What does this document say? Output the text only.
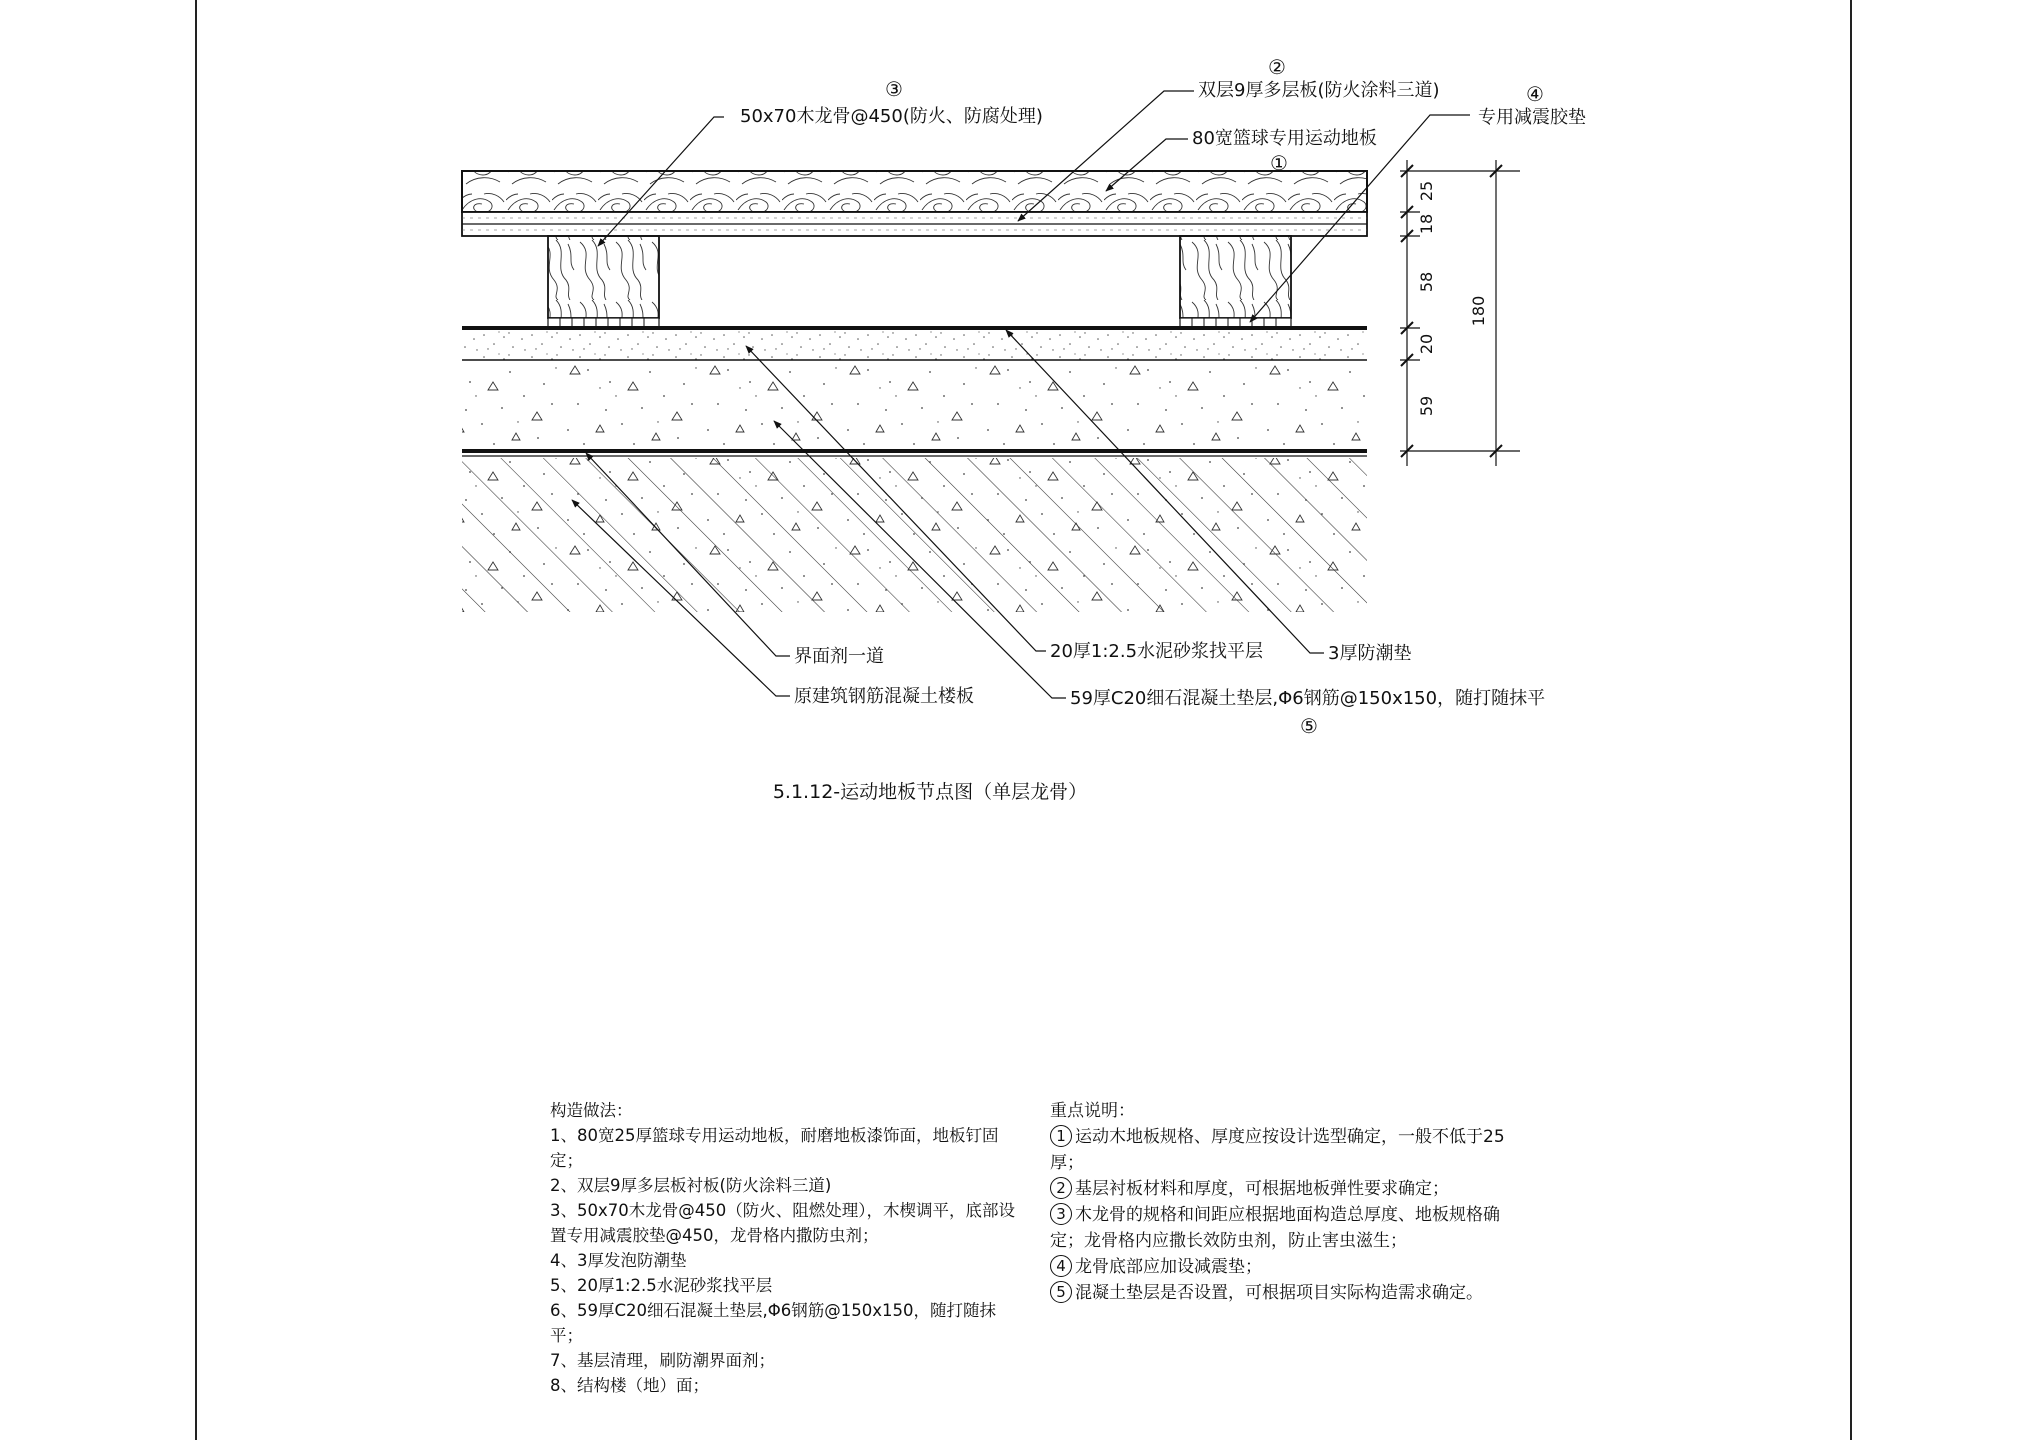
25
18
58
20
59
180
③
50x70木龙骨@450(防火、防腐处理)
②
双层9厚多层板(防火涂料三道)	④
专用减震胶垫
80宽篮球专用运动地板
①
界面剂一道	20厚1:2.5水泥砂浆找平层	3厚防潮垫
原建筑钢筋混凝土楼板	59厚C20细石混凝土垫层,Φ6钢筋@150x150，随打随抹平
⑤
5.1.12-运动地板节点图（单层龙骨）
构造做法：
1、80宽25厚篮球专用运动地板，耐磨地板漆饰面，地板钉固定；
2、双层9厚多层板衬板(防火涂料三道)
3、50x70木龙骨@450（防火、阻燃处理），木楔调平，底部设置专用减震胶垫@450，龙骨格内撒防虫剂；
4、3厚发泡防潮垫
5、20厚1:2.5水泥砂浆找平层
6、59厚C20细石混凝土垫层,Φ6钢筋@150x150，随打随抹平；
7、基层清理，刷防潮界面剂；
8、结构楼（地）面；
重点说明：
1 运动木地板规格、厚度应按设计选型确定，一般不低于25厚；
2 基层衬板材料和厚度，可根据地板弹性要求确定；
3 木龙骨的规格和间距应根据地面构造总厚度、地板规格确定；龙骨格内应撒长效防虫剂，防止害虫滋生；
4 龙骨底部应加设减震垫；
5 混凝土垫层是否设置，可根据项目实际构造需求确定。
